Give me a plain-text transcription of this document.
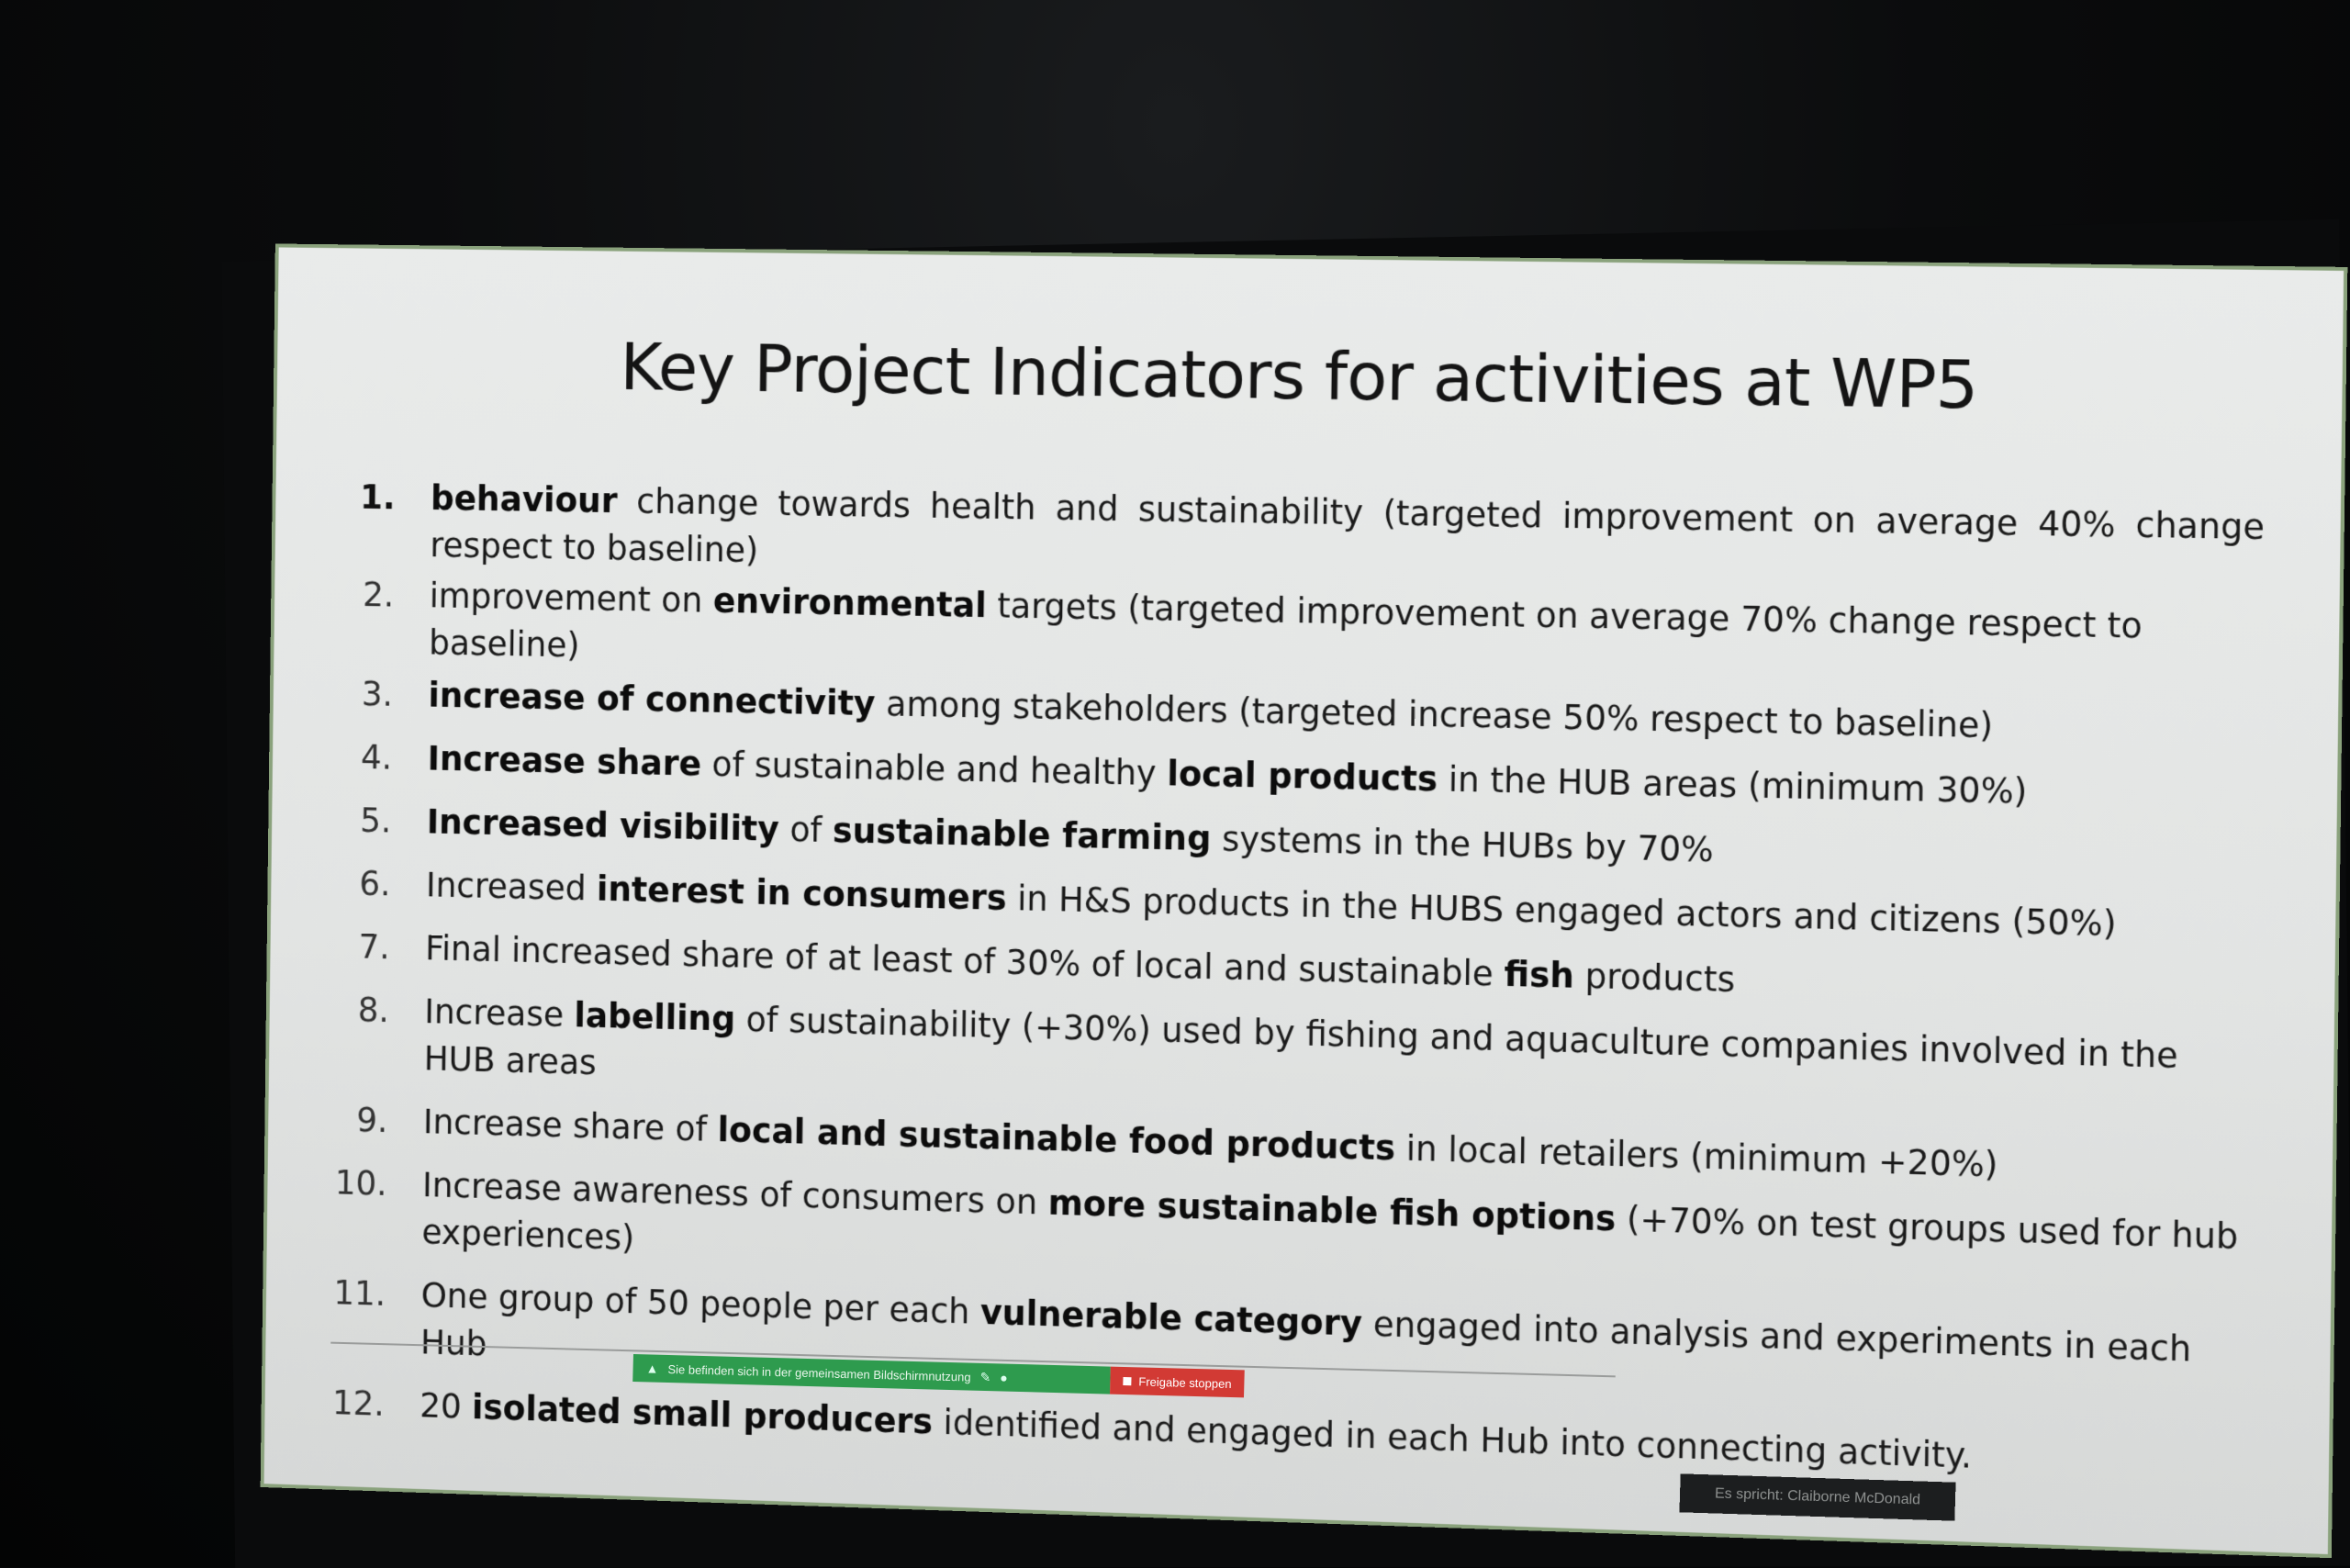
Key Project Indicators for activities at WP5
1. behaviour change towards health and sustainability (targeted improvement on average 40% change respect to baseline)
2. improvement on environmental targets (targeted improvement on average 70% change respect to baseline)
3. increase of connectivity among stakeholders (targeted increase 50% respect to baseline)
4. Increase share of sustainable and healthy local products in the HUB areas (minimum 30%)
5. Increased visibility of sustainable farming systems in the HUBs by 70%
6. Increased interest in consumers in H&S products in the HUBS engaged actors and citizens (50%)
7. Final increased share of at least of 30% of local and sustainable fish products
8. Increase labelling of sustainability (+30%) used by fishing and aquaculture companies involved in the HUB areas
9. Increase share of local and sustainable food products in local retailers (minimum +20%)
10. Increase awareness of consumers on more sustainable fish options (+70% on test groups used for hub experiences)
11. One group of 50 people per each vulnerable category engaged into analysis and experiments in each Hub
12. 20 isolated small producers identified and engaged in each Hub into connecting activity.
▲ Sie befinden sich in der gemeinsamen Bildschirmnutzung ✎ ●	Freigabe stoppen
Es spricht: Claiborne McDonald
